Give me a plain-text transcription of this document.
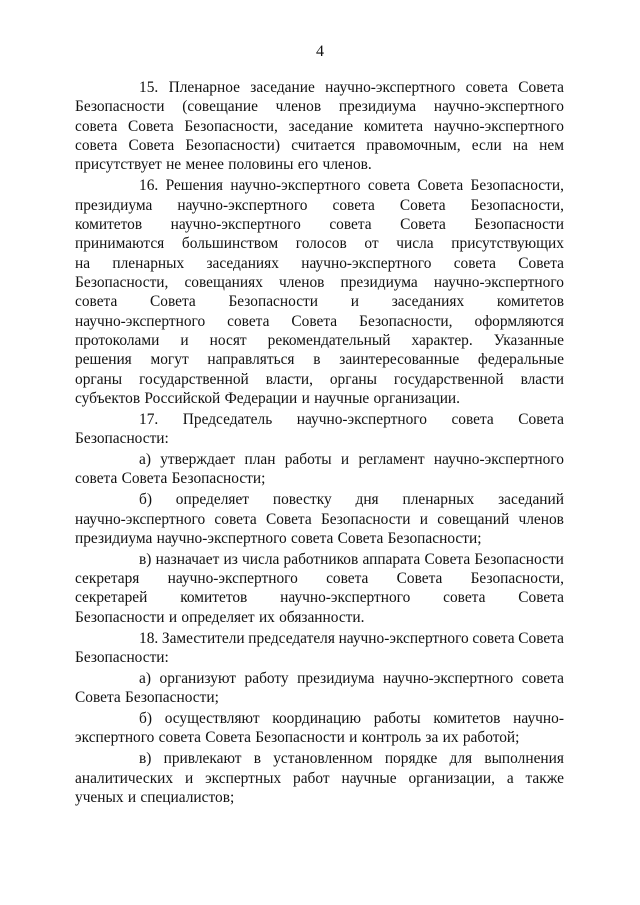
4
15. Пленарное заседание научно-экспертного совета Совета
Безопасности (совещание членов президиума научно-экспертного
совета Совета Безопасности, заседание комитета научно-экспертного
совета Совета Безопасности) считается правомочным, если на нем
присутствует не менее половины его членов.
16. Решения научно-экспертного совета Совета Безопасности,
президиума научно-экспертного совета Совета Безопасности,
комитетов научно-экспертного совета Совета Безопасности
принимаются большинством голосов от числа присутствующих
на пленарных заседаниях научно-экспертного совета Совета
Безопасности, совещаниях членов президиума научно-экспертного
совета Совета Безопасности и заседаниях комитетов
научно-экспертного совета Совета Безопасности, оформляются
протоколами и носят рекомендательный характер. Указанные
решения могут направляться в заинтересованные федеральные
органы государственной власти, органы государственной власти
субъектов Российской Федерации и научные организации.
17. Председатель научно-экспертного совета Совета
Безопасности:
а) утверждает план работы и регламент научно-экспертного
совета Совета Безопасности;
б) определяет повестку дня пленарных заседаний
научно-экспертного совета Совета Безопасности и совещаний членов
президиума научно-экспертного совета Совета Безопасности;
в) назначает из числа работников аппарата Совета Безопасности
секретаря научно-экспертного совета Совета Безопасности,
секретарей комитетов научно-экспертного совета Совета
Безопасности и определяет их обязанности.
18. Заместители председателя научно-экспертного совета Совета
Безопасности:
а) организуют работу президиума научно-экспертного совета
Совета Безопасности;
б) осуществляют координацию работы комитетов научно-
экспертного совета Совета Безопасности и контроль за их работой;
в) привлекают в установленном порядке для выполнения
аналитических и экспертных работ научные организации, а также
ученых и специалистов;
